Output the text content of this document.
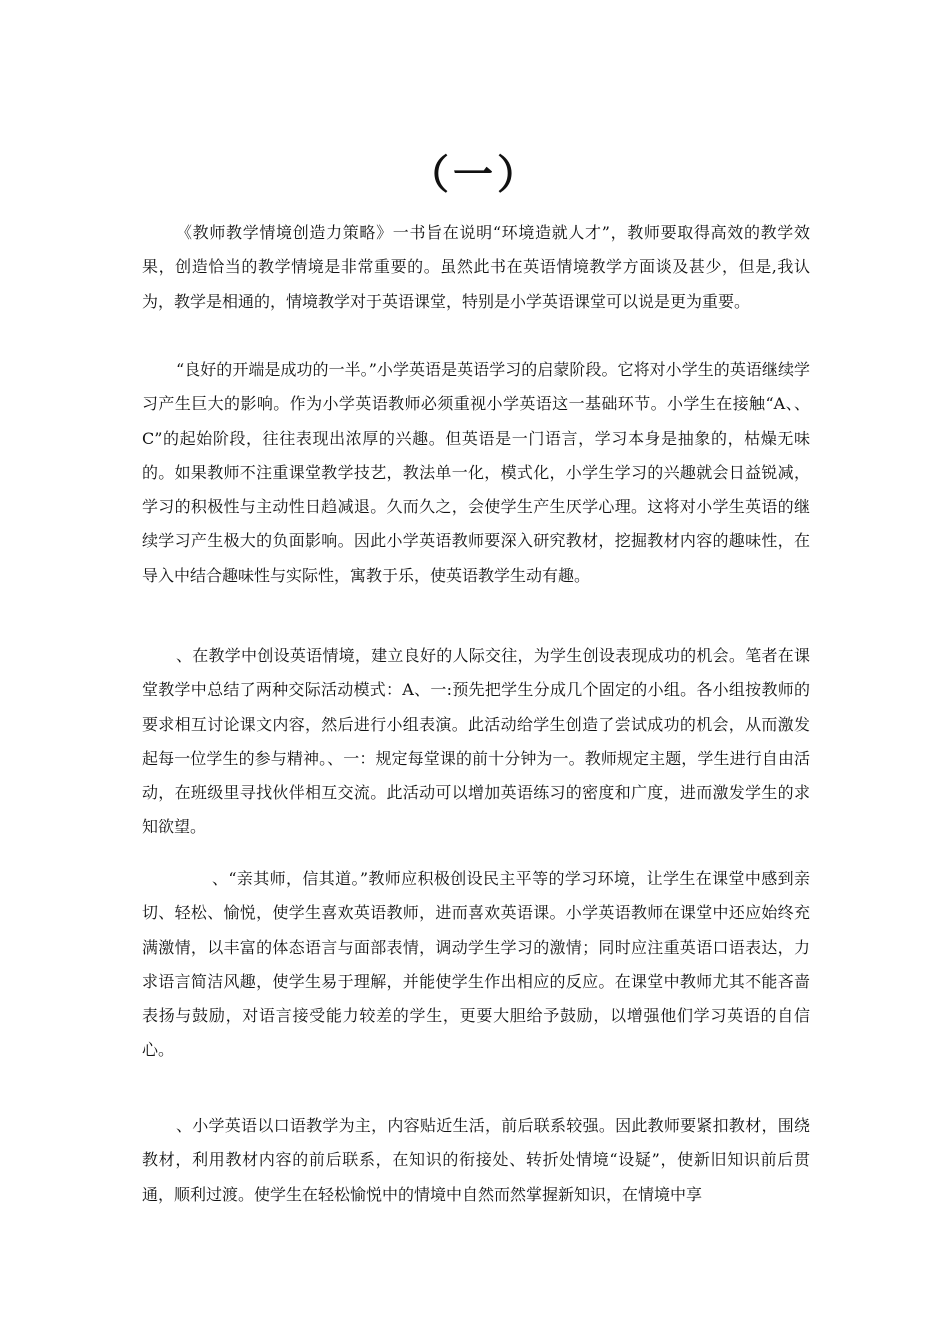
（一）

《教师教学情境创造力策略》一书旨在说明“环境造就人才”，教师要取得高效的教学效果，创造恰当的教学情境是非常重要的。虽然此书在英语情境教学方面谈及甚少，但是,我认为，教学是相通的，情境教学对于英语课堂，特别是小学英语课堂可以说是更为重要。

“良好的开端是成功的一半。”小学英语是英语学习的启蒙阶段。它将对小学生的英语继续学习产生巨大的影响。作为小学英语教师必须重视小学英语这一基础环节。小学生在接触“A、、C”的起始阶段，往往表现出浓厚的兴趣。但英语是一门语言，学习本身是抽象的，枯燥无味的。如果教师不注重课堂教学技艺，教法单一化，模式化，小学生学习的兴趣就会日益锐减，学习的积极性与主动性日趋减退。久而久之，会使学生产生厌学心理。这将对小学生英语的继续学习产生极大的负面影响。因此小学英语教师要深入研究教材，挖掘教材内容的趣味性，在导入中结合趣味性与实际性，寓教于乐，使英语教学生动有趣。

、在教学中创设英语情境，建立良好的人际交往，为学生创设表现成功的机会。笔者在课堂教学中总结了两种交际活动模式：A、一:预先把学生分成几个固定的小组。各小组按教师的要求相互讨论课文内容，然后进行小组表演。此活动给学生创造了尝试成功的机会，从而激发起每一位学生的参与精神。、一：规定每堂课的前十分钟为一。教师规定主题，学生进行自由活动，在班级里寻找伙伴相互交流。此活动可以增加英语练习的密度和广度，进而激发学生的求知欲望。

、“亲其师，信其道。”教师应积极创设民主平等的学习环境，让学生在课堂中感到亲切、轻松、愉悦，使学生喜欢英语教师，进而喜欢英语课。小学英语教师在课堂中还应始终充满激情，以丰富的体态语言与面部表情，调动学生学习的激情；同时应注重英语口语表达，力求语言简洁风趣，使学生易于理解，并能使学生作出相应的反应。在课堂中教师尤其不能吝啬表扬与鼓励，对语言接受能力较差的学生，更要大胆给予鼓励，以增强他们学习英语的自信心。

、小学英语以口语教学为主，内容贴近生活，前后联系较强。因此教师要紧扣教材，围绕教材，利用教材内容的前后联系，在知识的衔接处、转折处情境“设疑”，使新旧知识前后贯通，顺利过渡。使学生在轻松愉悦中的情境中自然而然掌握新知识，在情境中享
